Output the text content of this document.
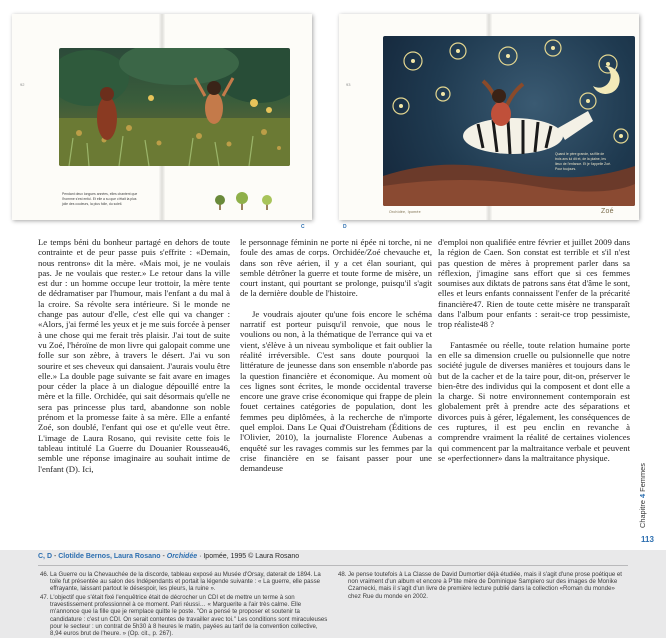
92
Pendant deux longues années, elles chantent que l'homme s'est enfui. Et elle a su que c'était la plus jolie des couleurs, la plus folle, du soleil.
C
93
Quand le père grande, sa fille de trois ans lui dit et, de la plaine, les lieux de l'enfance. Et je t'appelle Zoé. Pour toujours.
Orchidée, Ipomée	Zoé
D

Le temps béni du bonheur partagé en dehors de toute contrainte et de peur passe puis s'effrite : «Demain, nous rentrons» dit la mère. «Mais moi, je ne voulais pas. Je ne voulais que rester.» Le retour dans la ville est dur : un homme occupe leur trottoir, la mère tente de dédramatiser par l'humour, mais l'enfant a du mal à la croire. Sa révolte sera intérieure. Si le monde ne change pas autour d'elle, c'est elle qui va changer : «Alors, j'ai fermé les yeux et je me suis forcée à penser à une chose qui me ferait très plaisir. J'ai tout de suite vu Zoé, l'héroïne de mon livre qui galopait comme une folle sur son zèbre, à travers le désert. J'ai vu son sourire et ses cheveux qui dansaient. J'aurais voulu être elle.» La double page suivante se fait avare en images pour céder la place à un dialogue dépouillé entre la mère et la fille. Orchidée, qui sait désormais qu'elle ne sera pas princesse plus tard, abandonne son noble prénom et la promesse faite à sa mère. Elle a enfanté Zoé, son doublé, l'enfant qui ose et qu'elle veut être. L'image de Laura Rosano, qui revisite cette fois le tableau intitulé La Guerre du Douanier Rousseau46, semble une réponse imaginaire au souhait intime de l'enfant (D). Ici,

le personnage féminin ne porte ni épée ni torche, ni ne foule des amas de corps. Orchidée/Zoé chevauche et, dans son rêve aérien, il y a cet élan souriant, qui semble détrôner la guerre et toute forme de misère, un court instant, qui pourtant se prolonge, puisqu'il s'agit de la dernière double de l'histoire.

Je voudrais ajouter qu'une fois encore le schéma narratif est porteur puisqu'il renvoie, que nous le voulions ou non, à la thématique de l'errance qui va et vient, s'élève à un niveau symbolique et fait oublier la réalité irréversible. C'est sans doute pourquoi la littérature de jeunesse dans son ensemble n'aborde pas la question financière et économique. Au moment où ces lignes sont écrites, le monde occidental traverse encore une grave crise économique qui frappe de plein fouet certaines catégories de population, dont les femmes peu diplômées, à la recherche de n'importe quel emploi. Dans Le Quai d'Ouistreham (Éditions de l'Olivier, 2010), la journaliste Florence Aubenas a enquêté sur les ravages commis sur les femmes par la crise financière en se faisant passer pour une demandeuse

d'emploi non qualifiée entre février et juillet 2009 dans la région de Caen. Son constat est terrible et s'il n'est pas question de mères à proprement parler dans sa réflexion, j'imagine sans effort que si ces femmes soumises aux diktats de patrons sans état d'âme le sont, elles et leurs enfants connaissent l'enfer de la précarité financière47. Rien de toute cette misère ne transparaît dans l'album pour enfants : serait-ce trop pessimiste, trop réaliste48 ?

Fantasmée ou réelle, toute relation humaine porte en elle sa dimension cruelle ou pulsionnelle que notre société jugule de diverses manières et toujours dans le but de la cacher et de la taire pour, dit-on, préserver le bien-être des individus qui la composent et dont elle a la charge. Si notre environnement contemporain est globalement prêt à prendre acte des séparations et divorces puis à gérer, légalement, les conséquences de ces ruptures, il est peu enclin en revanche à comprendre vraiment la réalité de certaines violences qui commencent par la maltraitance verbale et peuvent se «perfectionner» dans la maltraitance physique.

Chapitre 4 Femmes
113
C, D - Clotilde Bernos, Laura Rosano - Orchidée · Ipomée, 1995 © Laura Rosano
46. La Guerre ou la Chevauchée de la discorde, tableau exposé au Musée d'Orsay, daterait de 1894. La toile fut présentée au salon des Indépendants et portait la légende suivante : « La guerre, elle passe effrayante, laissant partout le désespoir, les pleurs, la ruine ».
47. L'objectif que s'était fixé l'enquêtrice était de décrocher un CDI et de mettre un terme à son travestissement professionnel à ce moment. Pari réussi… « Marguerite a l'air très calme. Elle m'annonce que la fille que je remplace quitte le poste. "On a pensé te proposer et soutenir ta candidature : c'est un CDI. On serait contentes de travailler avec toi." Les conditions sont miraculeuses pour le secteur : un contrat de 5h30 à 8 heures le matin, payées au tarif de la convention collective, 8,94 euros brut de l'heure. » (Op. cit., p. 267).
48. Je pense toutefois à La Classe de David Dumortier déjà étudiée, mais il s'agit d'une prose poétique et non vraiment d'un album et encore à P'tite mère de Dominique Sampiero sur des images de Monike Czarnecki, mais il s'agit d'un livre de première lecture publié dans la collection «Roman du monde» chez Rue du monde en 2002.
